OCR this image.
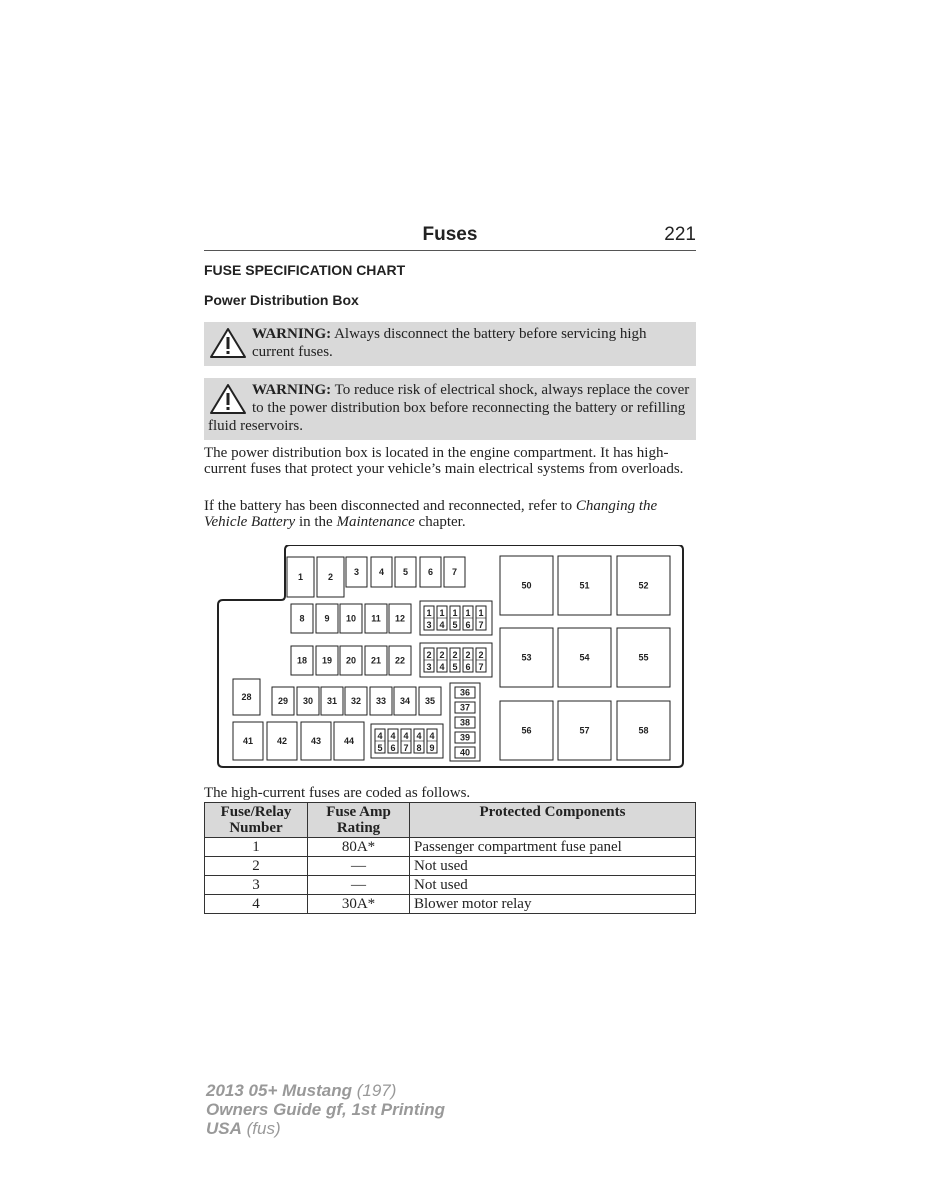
Fuses	221
FUSE SPECIFICATION CHART
Power Distribution Box
WARNING: Always disconnect the battery before servicing high current fuses.
WARNING: To reduce risk of electrical shock, always replace the cover to the power distribution box before reconnecting the battery or refilling fluid reservoirs.
The power distribution box is located in the engine compartment. It has high-current fuses that protect your vehicle’s main electrical systems from overloads.
If the battery has been disconnected and reconnected, refer to Changing the Vehicle Battery in the Maintenance chapter.
The high-current fuses are coded as follows.
Fuse/Relay Number	Fuse Amp Rating	Protected Components
1	80A*	Passenger compartment fuse panel
2	—	Not used
3	—	Not used
4	30A*	Blower motor relay
1	2 3 4 5 6 7
8 9 10 11 12
18 19 20 21 22
1
3
1
4
1
5
1
6
1
7
2
3
2
4
2
5
2
6
2
7
4
5
4
6
4
7
4
8
4
9
28	29 30 31 32 33 34 35
41	42	43	44
36
37
38
39
40
50	51	52
53	54	55
56	57	58
2013 05+ Mustang (197)
Owners Guide gf, 1st Printing
USA (fus)
